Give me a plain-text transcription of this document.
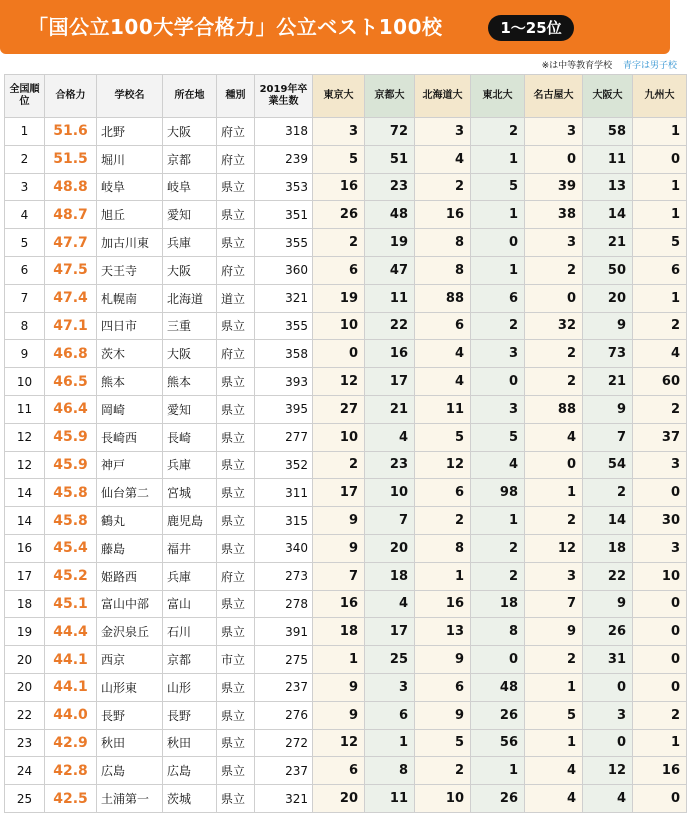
「国公立100大学合格力」公立ベスト100校	1〜25位
※は中等教育学校 青字は男子校
全国順位	合格力	学校名	所在地	種別	2019年卒業生数	東京大	京都大	北海道大	東北大	名古屋大	大阪大	九州大
1	51.6	北野	大阪	府立	318	3	72	3	2	3	58	1
2	51.5	堀川	京都	府立	239	5	51	4	1	0	11	0
3	48.8	岐阜	岐阜	県立	353	16	23	2	5	39	13	1
4	48.7	旭丘	愛知	県立	351	26	48	16	1	38	14	1
5	47.7	加古川東	兵庫	県立	355	2	19	8	0	3	21	5
6	47.5	天王寺	大阪	府立	360	6	47	8	1	2	50	6
7	47.4	札幌南	北海道	道立	321	19	11	88	6	0	20	1
8	47.1	四日市	三重	県立	355	10	22	6	2	32	9	2
9	46.8	茨木	大阪	府立	358	0	16	4	3	2	73	4
10	46.5	熊本	熊本	県立	393	12	17	4	0	2	21	60
11	46.4	岡崎	愛知	県立	395	27	21	11	3	88	9	2
12	45.9	長崎西	長崎	県立	277	10	4	5	5	4	7	37
12	45.9	神戸	兵庫	県立	352	2	23	12	4	0	54	3
14	45.8	仙台第二	宮城	県立	311	17	10	6	98	1	2	0
14	45.8	鶴丸	鹿児島	県立	315	9	7	2	1	2	14	30
16	45.4	藤島	福井	県立	340	9	20	8	2	12	18	3
17	45.2	姫路西	兵庫	府立	273	7	18	1	2	3	22	10
18	45.1	富山中部	富山	県立	278	16	4	16	18	7	9	0
19	44.4	金沢泉丘	石川	県立	391	18	17	13	8	9	26	0
20	44.1	西京	京都	市立	275	1	25	9	0	2	31	0
20	44.1	山形東	山形	県立	237	9	3	6	48	1	0	0
22	44.0	長野	長野	県立	276	9	6	9	26	5	3	2
23	42.9	秋田	秋田	県立	272	12	1	5	56	1	0	1
24	42.8	広島	広島	県立	237	6	8	2	1	4	12	16
25	42.5	土浦第一	茨城	県立	321	20	11	10	26	4	4	0
